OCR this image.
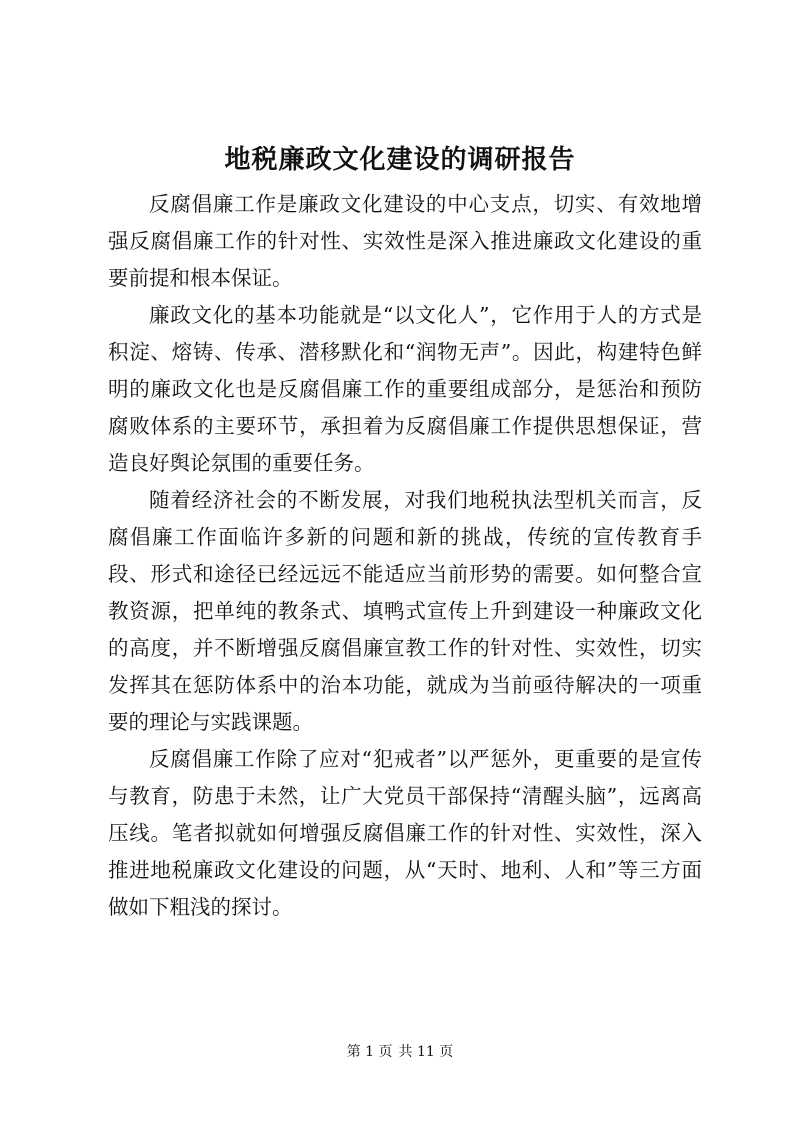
地税廉政文化建设的调研报告

反腐倡廉工作是廉政文化建设的中心支点，切实、有效地增强反腐倡廉工作的针对性、实效性是深入推进廉政文化建设的重要前提和根本保证。

廉政文化的基本功能就是“以文化人”，它作用于人的方式是积淀、熔铸、传承、潜移默化和“润物无声”。因此，构建特色鲜明的廉政文化也是反腐倡廉工作的重要组成部分，是惩治和预防腐败体系的主要环节，承担着为反腐倡廉工作提供思想保证，营造良好舆论氛围的重要任务。

随着经济社会的不断发展，对我们地税执法型机关而言，反腐倡廉工作面临许多新的问题和新的挑战，传统的宣传教育手段、形式和途径已经远远不能适应当前形势的需要。如何整合宣教资源，把单纯的教条式、填鸭式宣传上升到建设一种廉政文化的高度，并不断增强反腐倡廉宣教工作的针对性、实效性，切实发挥其在惩防体系中的治本功能，就成为当前亟待解决的一项重要的理论与实践课题。

反腐倡廉工作除了应对“犯戒者”以严惩外，更重要的是宣传与教育，防患于未然，让广大党员干部保持“清醒头脑”，远离高压线。笔者拟就如何增强反腐倡廉工作的针对性、实效性，深入推进地税廉政文化建设的问题，从“天时、地利、人和”等三方面做如下粗浅的探讨。

第 1 页 共 11 页
